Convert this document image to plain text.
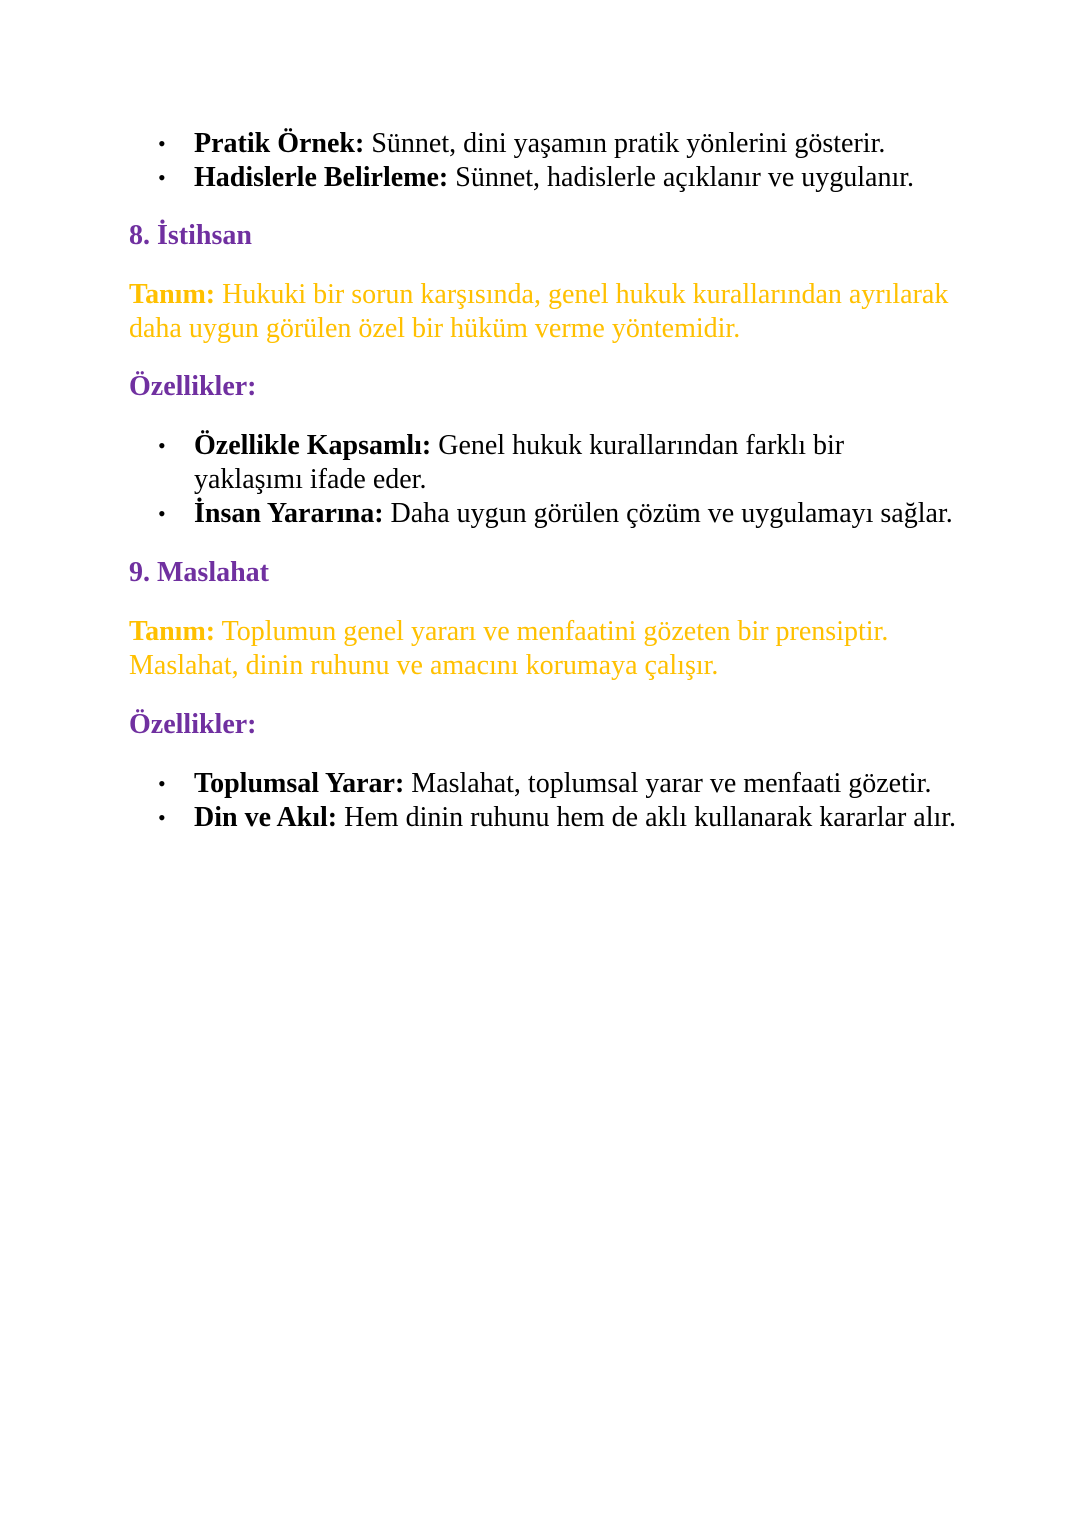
• Pratik Örnek: Sünnet, dini yaşamın pratik yönlerini gösterir.
• Hadislerle Belirleme: Sünnet, hadislerle açıklanır ve uygulanır.

8. İstihsan

Tanım: Hukuki bir sorun karşısında, genel hukuk kurallarından ayrılarak daha uygun görülen özel bir hüküm verme yöntemidir.

Özellikler:

• Özellikle Kapsamlı: Genel hukuk kurallarından farklı bir yaklaşımı ifade eder.
• İnsan Yararına: Daha uygun görülen çözüm ve uygulamayı sağlar.

9. Maslahat

Tanım: Toplumun genel yararı ve menfaatini gözeten bir prensiptir. Maslahat, dinin ruhunu ve amacını korumaya çalışır.

Özellikler:

• Toplumsal Yarar: Maslahat, toplumsal yarar ve menfaati gözetir.
• Din ve Akıl: Hem dinin ruhunu hem de aklı kullanarak kararlar alır.
